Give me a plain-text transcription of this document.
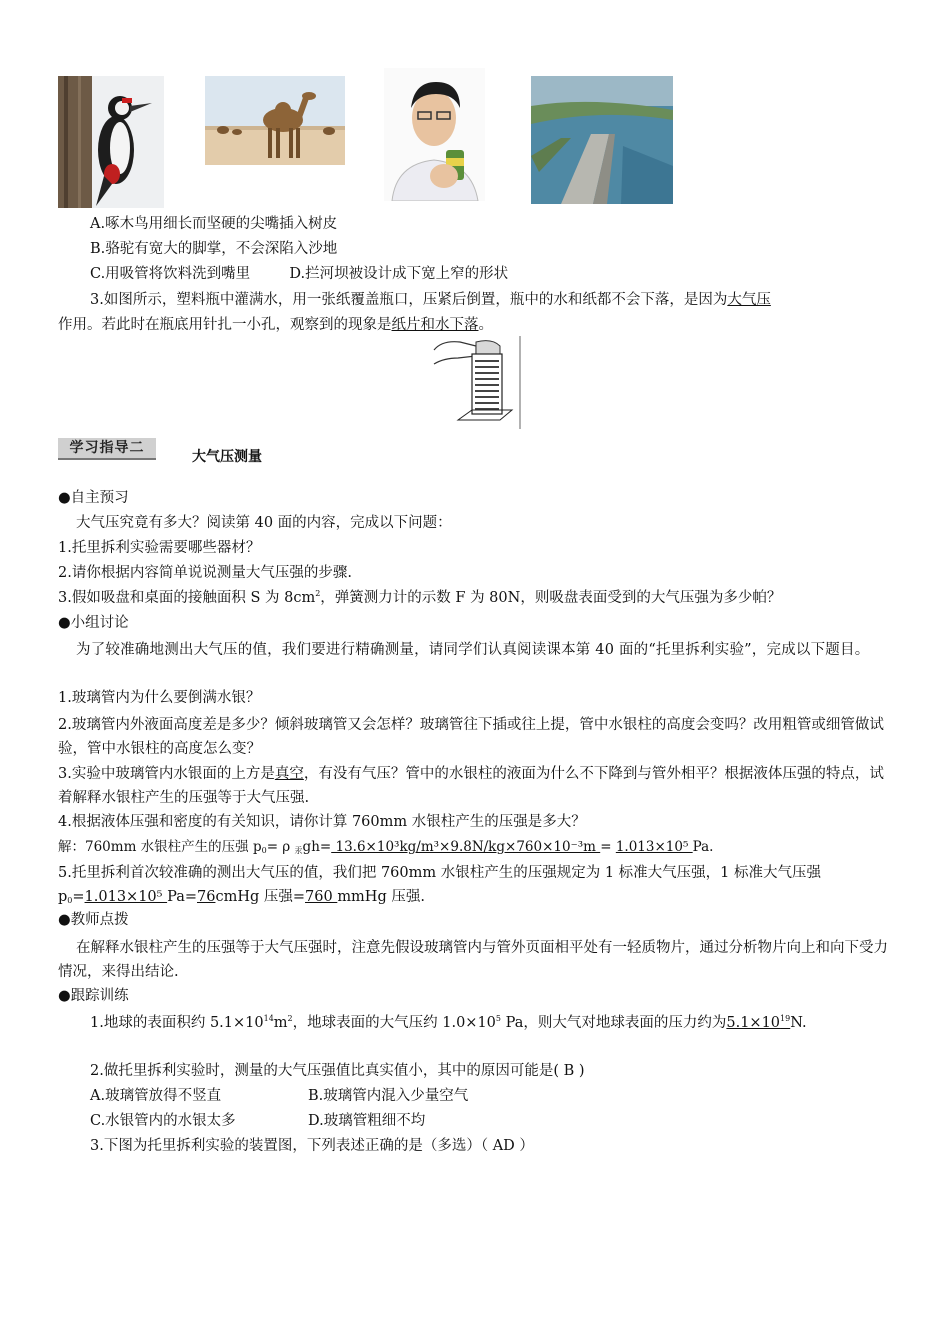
A.啄木鸟用细长而坚硬的尖嘴插入树皮
B.骆驼有宽大的脚掌，不会深陷入沙地
C.用吸管将饮料洗到嘴里	D.拦河坝被设计成下宽上窄的形状
3.如图所示，塑料瓶中灌满水，用一张纸覆盖瓶口，压紧后倒置，瓶中的水和纸都不会下落，是因为大气压
作用。若此时在瓶底用针扎一小孔，观察到的现象是纸片和水下落。
学习指导二
大气压测量
●自主预习
大气压究竟有多大？阅读第 40 面的内容，完成以下问题：
1.托里拆利实验需要哪些器材？
2.请你根据内容简单说说测量大气压强的步骤.
3.假如吸盘和桌面的接触面积 S 为 $8cm^2$，弹簧测力计的示数 F 为 80N，则吸盘表面受到的大气压强为多少帕？
●小组讨论
为了较准确地测出大气压的值，我们要进行精确测量，请同学们认真阅读课本第 40 面的“托里拆利实验”，完成以下题目。
1.玻璃管内为什么要倒满水银？
2.玻璃管内外液面高度差是多少？倾斜玻璃管又会怎样？玻璃管往下插或往上提，管中水银柱的高度会变吗？改用粗管或细管做试验，管中水银柱的高度怎么变？
3.实验中玻璃管内水银面的上方是真空，有没有气压？管中的水银柱的液面为什么不下降到与管外相平？根据液体压强的特点，试着解释水银柱产生的压强等于大气压强.
4.根据液体压强和密度的有关知识，请你计算 760mm 水银柱产生的压强是多大？
解：760mm 水银柱产生的压强 $p_0= \rho$ $_汞$gh= 13.6×10³kg/m³×9.8N/kg×760×10⁻³m = 1.013×10⁵ Pa.
5.托里拆利首次较准确的测出大气压的值，我们把 760mm 水银柱产生的压强规定为 1 标准大气压强，1 标准大气压强 $p_0=1.013\times 10^5$ Pa=76cmHg 压强=760 mmHg 压强.
●教师点拨
在解释水银柱产生的压强等于大气压强时，注意先假设玻璃管内与管外页面相平处有一轻质物片，通过分析物片向上和向下受力情况，来得出结论.
●跟踪训练
1.地球的表面积约 $5.1\times 10^{14}m^2$，地球表面的大气压约 $1.0\times 10^5$ Pa，则大气对地球表面的压力约为$5.1\times 10^{19}N$.
2.做托里拆利实验时，测量的大气压强值比真实值小，其中的原因可能是( B )
A.玻璃管放得不竖直	B.玻璃管内混入少量空气
C.水银管内的水银太多	D.玻璃管粗细不均
3.下图为托里拆利实验的装置图，下列表述正确的是（多选）（ AD ）
